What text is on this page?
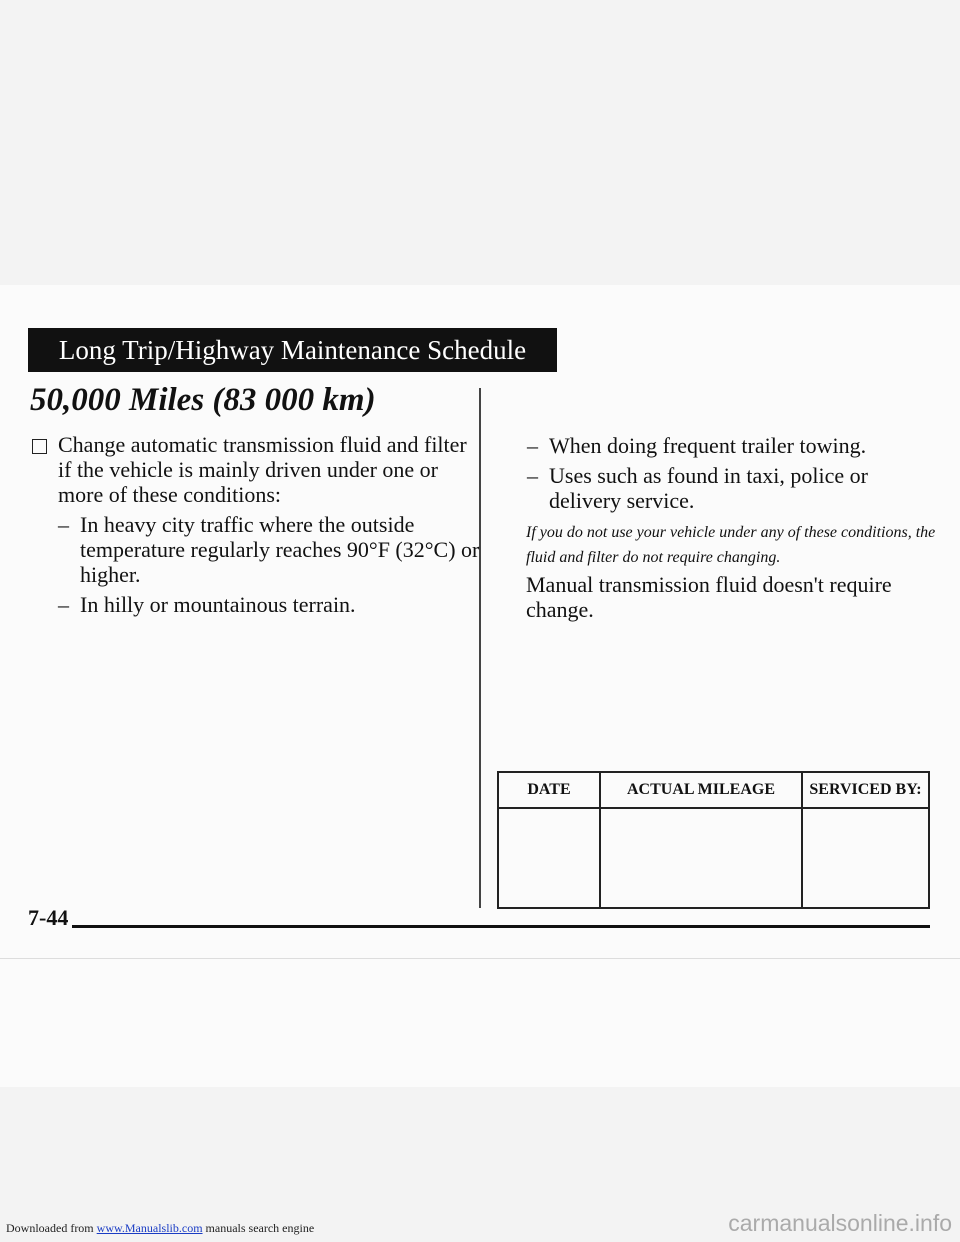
Long Trip/Highway Maintenance Schedule
50,000 Miles (83 000 km)
Change automatic transmission fluid and filter if the vehicle is mainly driven under one or more of these conditions:
– In heavy city traffic where the outside temperature regularly reaches 90°F (32°C) or higher.
– In hilly or mountainous terrain.
– When doing frequent trailer towing.
– Uses such as found in taxi, police or delivery service.
If you do not use your vehicle under any of these conditions, the fluid and filter do not require changing.
Manual transmission fluid doesn't require change.
DATE	ACTUAL MILEAGE	SERVICED BY:

7-44
Downloaded from www.Manualslib.com manuals search engine	carmanualsonline.info
